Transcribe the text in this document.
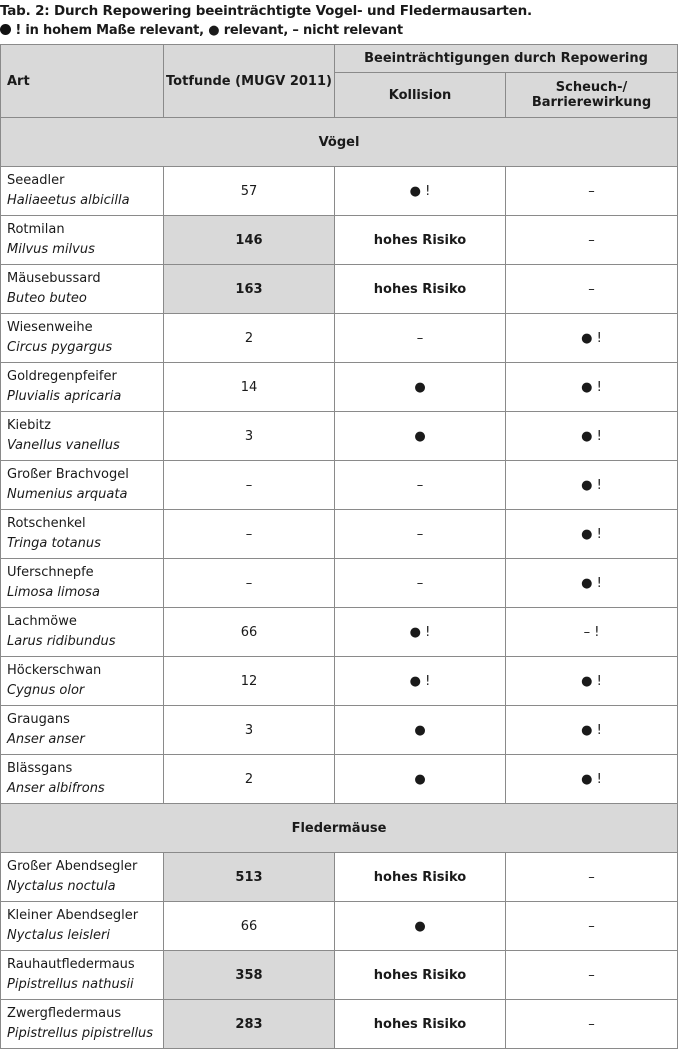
Tab. 2: Durch Repowering beeinträchtigte Vogel- und Fledermausarten.
! in hohem Maße relevant, ● relevant, – nicht relevant
Art	Totfunde (MUGV 2011)	Beeinträchtigungen durch Repowering	
		Kollision	Scheuch-/
Barrierewirkung
Vögel			

Seeadler
Haliaeetus albicilla	57	● !	–

Rotmilan
Milvus milvus	146	hohes Risiko	–

Mäusebussard
Buteo buteo	163	hohes Risiko	–

Wiesenweihe
Circus pygargus	2	–	● !

Goldregenpfeifer
Pluvialis apricaria	14	●	● !

Kiebitz
Vanellus vanellus	3	●	● !

Großer Brachvogel
Numenius arquata	–	–	● !

Rotschenkel
Tringa totanus	–	–	● !

Uferschnepfe
Limosa limosa	–	–	● !

Lachmöwe
Larus ridibundus	66	● !	– !

Höckerschwan
Cygnus olor	12	● !	● !

Graugans
Anser anser	3	●	● !

Blässgans
Anser albifrons	2	●	● !
Fledermäuse			

Großer Abendsegler
Nyctalus noctula	513	hohes Risiko	–

Kleiner Abendsegler
Nyctalus leisleri	66	●	–

Rauhautfledermaus
Pipistrellus nathusii	358	hohes Risiko	–

Zwergfledermaus
Pipistrellus pipistrellus	283	hohes Risiko	–
